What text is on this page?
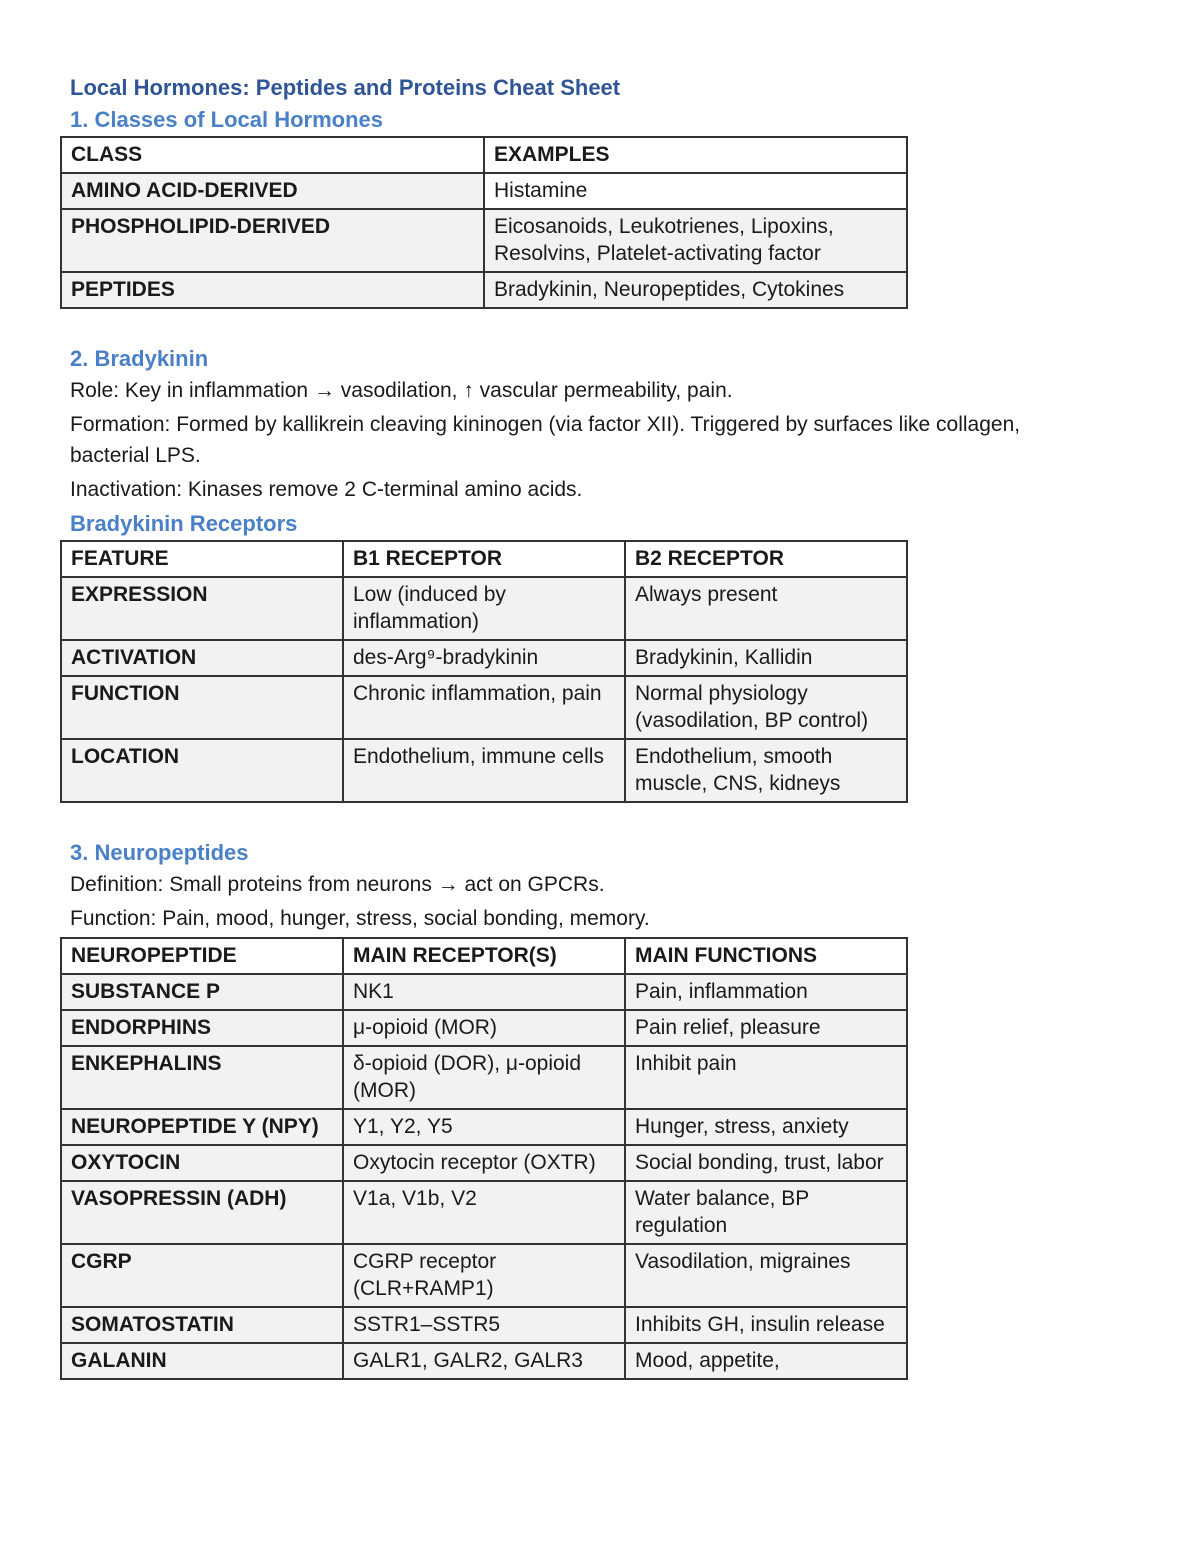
Local Hormones: Peptides and Proteins Cheat Sheet

1. Classes of Local Hormones

CLASS	EXAMPLES
AMINO ACID-DERIVED	Histamine
PHOSPHOLIPID-DERIVED	Eicosanoids, Leukotrienes, Lipoxins, Resolvins, Platelet-activating factor
PEPTIDES	Bradykinin, Neuropeptides, Cytokines

2. Bradykinin

Role: Key in inflammation → vasodilation, ↑ vascular permeability, pain.

Formation: Formed by kallikrein cleaving kininogen (via factor XII). Triggered by surfaces like collagen, bacterial LPS.

Inactivation: Kinases remove 2 C-terminal amino acids.

Bradykinin Receptors

FEATURE	B1 RECEPTOR	B2 RECEPTOR
EXPRESSION	Low (induced by inflammation)	Always present
ACTIVATION	des-Arg⁹-bradykinin	Bradykinin, Kallidin
FUNCTION	Chronic inflammation, pain	Normal physiology (vasodilation, BP control)
LOCATION	Endothelium, immune cells	Endothelium, smooth muscle, CNS, kidneys

3. Neuropeptides

Definition: Small proteins from neurons → act on GPCRs.

Function: Pain, mood, hunger, stress, social bonding, memory.

NEUROPEPTIDE	MAIN RECEPTOR(S)	MAIN FUNCTIONS
SUBSTANCE P	NK1	Pain, inflammation
ENDORPHINS	μ-opioid (MOR)	Pain relief, pleasure
ENKEPHALINS	δ-opioid (DOR), μ-opioid (MOR)	Inhibit pain
NEUROPEPTIDE Y (NPY)	Y1, Y2, Y5	Hunger, stress, anxiety
OXYTOCIN	Oxytocin receptor (OXTR)	Social bonding, trust, labor
VASOPRESSIN (ADH)	V1a, V1b, V2	Water balance, BP regulation
CGRP	CGRP receptor (CLR+RAMP1)	Vasodilation, migraines
SOMATOSTATIN	SSTR1–SSTR5	Inhibits GH, insulin release
GALANIN	GALR1, GALR2, GALR3	Mood, appetite,
